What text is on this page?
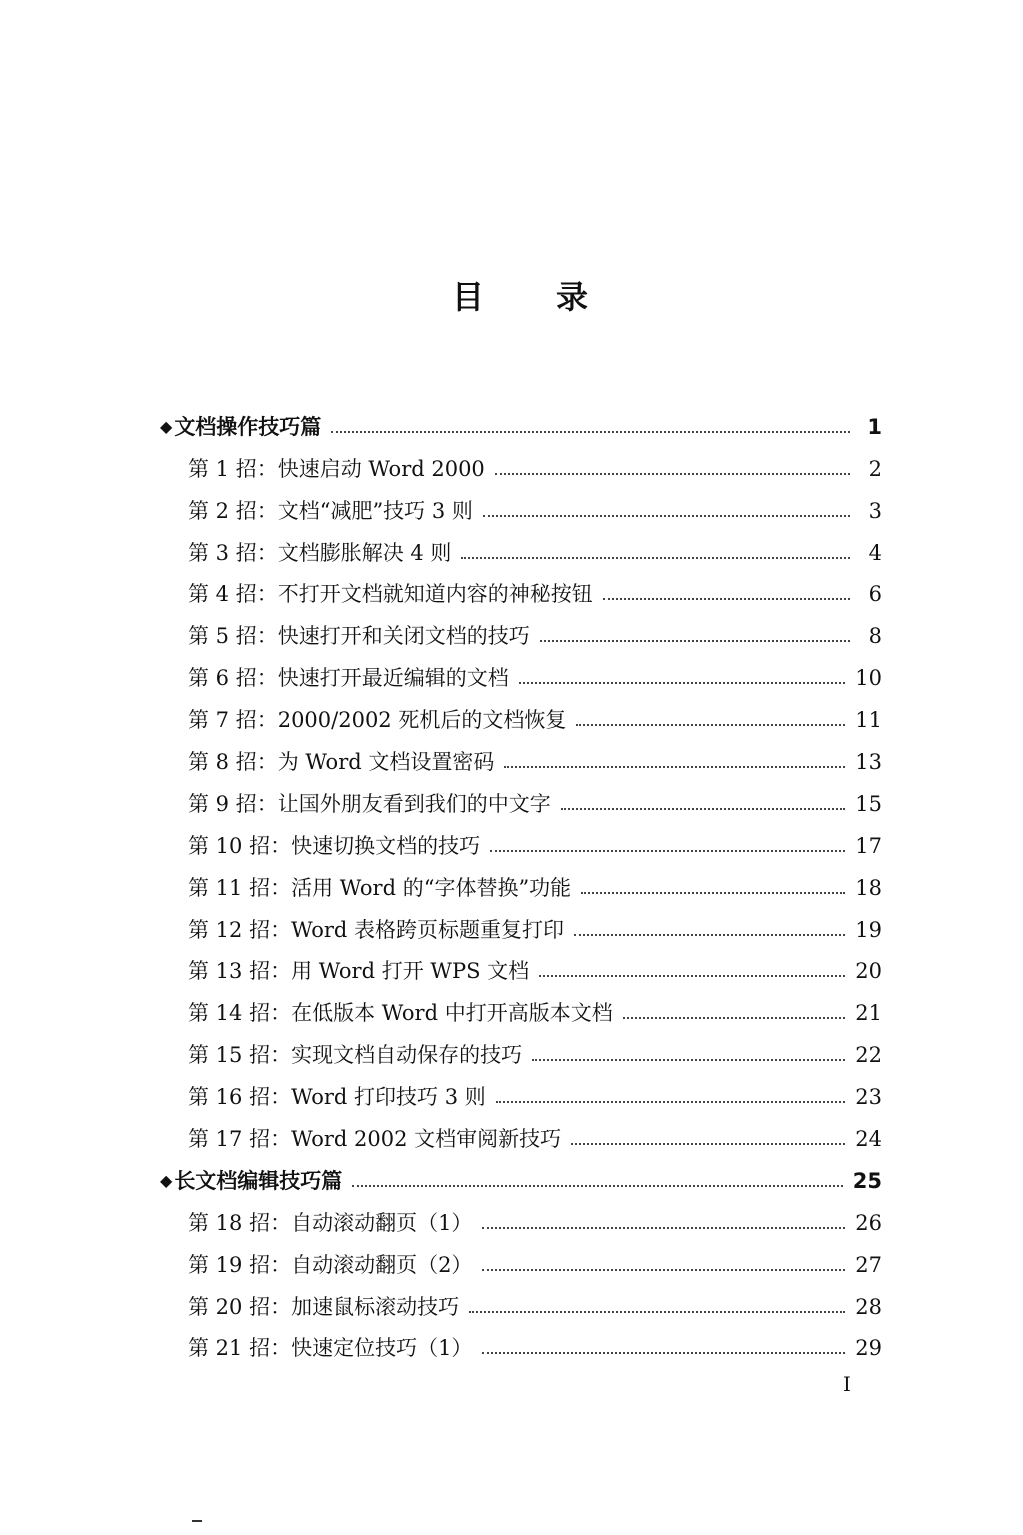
目 录
◆ 文档操作技巧篇	1
第 1 招：快速启动 Word 2000	2
第 2 招：文档“减肥”技巧 3 则	3
第 3 招：文档膨胀解决 4 则	4
第 4 招：不打开文档就知道内容的神秘按钮	6
第 5 招：快速打开和关闭文档的技巧	8
第 6 招：快速打开最近编辑的文档	10
第 7 招：2000/2002 死机后的文档恢复	11
第 8 招：为 Word 文档设置密码	13
第 9 招：让国外朋友看到我们的中文字	15
第 10 招：快速切换文档的技巧	17
第 11 招：活用 Word 的“字体替换”功能	18
第 12 招：Word 表格跨页标题重复打印	19
第 13 招：用 Word 打开 WPS 文档	20
第 14 招：在低版本 Word 中打开高版本文档	21
第 15 招：实现文档自动保存的技巧	22
第 16 招：Word 打印技巧 3 则	23
第 17 招：Word 2002 文档审阅新技巧	24
◆ 长文档编辑技巧篇	25
第 18 招：自动滚动翻页（1）	26
第 19 招：自动滚动翻页（2）	27
第 20 招：加速鼠标滚动技巧	28
第 21 招：快速定位技巧（1）	29
I
